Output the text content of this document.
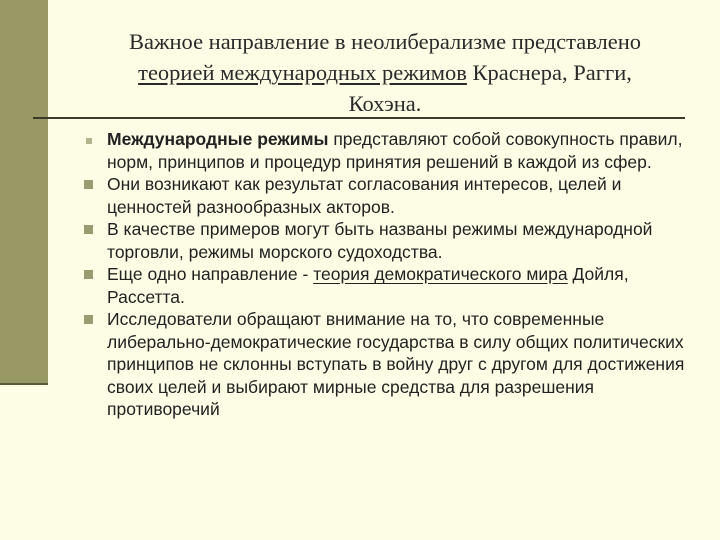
Важное направление в неолиберализме представлено
теорией международных режимов Краснера, Рагги,
Кохэна.
Международные режимы представляют собой совокупность правил, норм, принципов и процедур принятия решений в каждой из сфер.
Они возникают как результат согласования интересов, целей и ценностей разнообразных акторов.
В качестве примеров могут быть названы режимы международной торговли, режимы морского судоходства.
Еще одно направление - теория демократического мира Дойля, Рассетта.
Исследователи обращают внимание на то, что современные либерально-демократические государства в силу общих политических принципов не склонны вступать в войну друг с другом для достижения своих целей и выбирают мирные средства для разрешения противоречий
